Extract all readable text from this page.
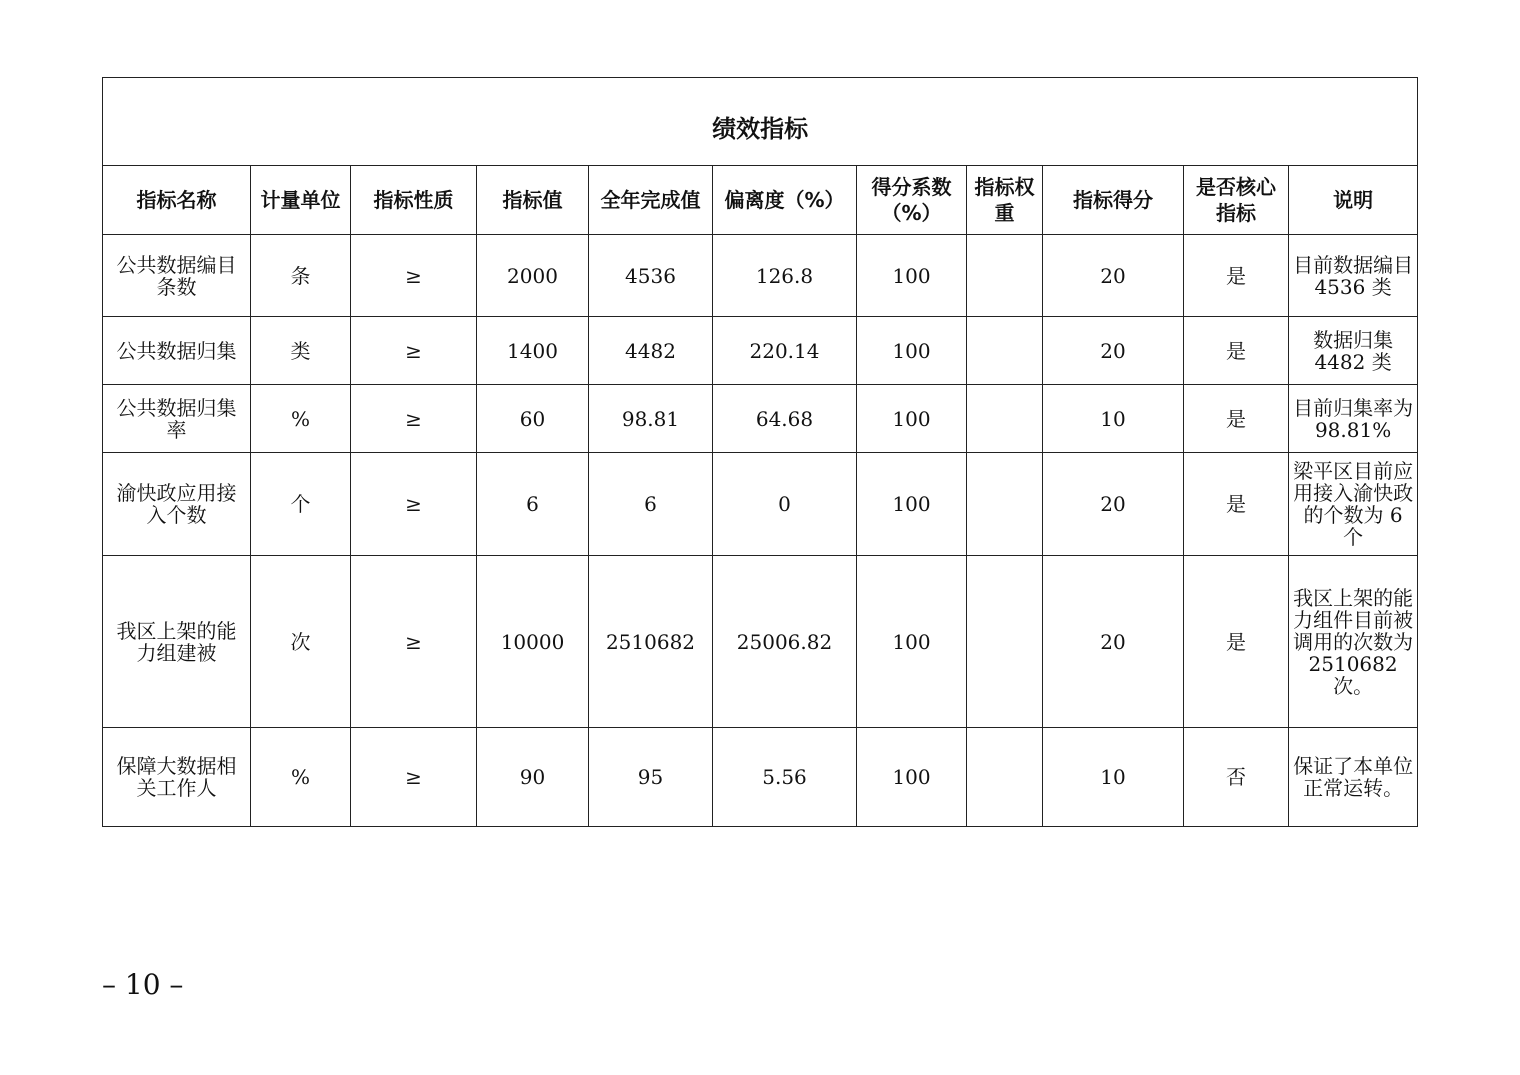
绩效指标										
指标名称	计量单位	指标性质	指标值	全年完成值	偏离度（%）	得分系数（%）	指标权重	指标得分	是否核心指标	说明
公共数据编目条数	条	≥	2000	4536	126.8	100		20	是	目前数据编目 4536 类
公共数据归集	类	≥	1400	4482	220.14	100		20	是	数据归集 4482 类
公共数据归集率	%	≥	60	98.81	64.68	100		10	是	目前归集率为 98.81%
渝快政应用接入个数	个	≥	6	6	0	100		20	是	梁平区目前应用接入渝快政的个数为 6 个
我区上架的能力组建被	次	≥	10000	2510682	25006.82	100		20	是	我区上架的能力组件目前被调用的次数为 2510682 次。
保障大数据相关工作人	%	≥	90	95	5.56	100		10	否	保证了本单位 正常运转。
– 10 –
